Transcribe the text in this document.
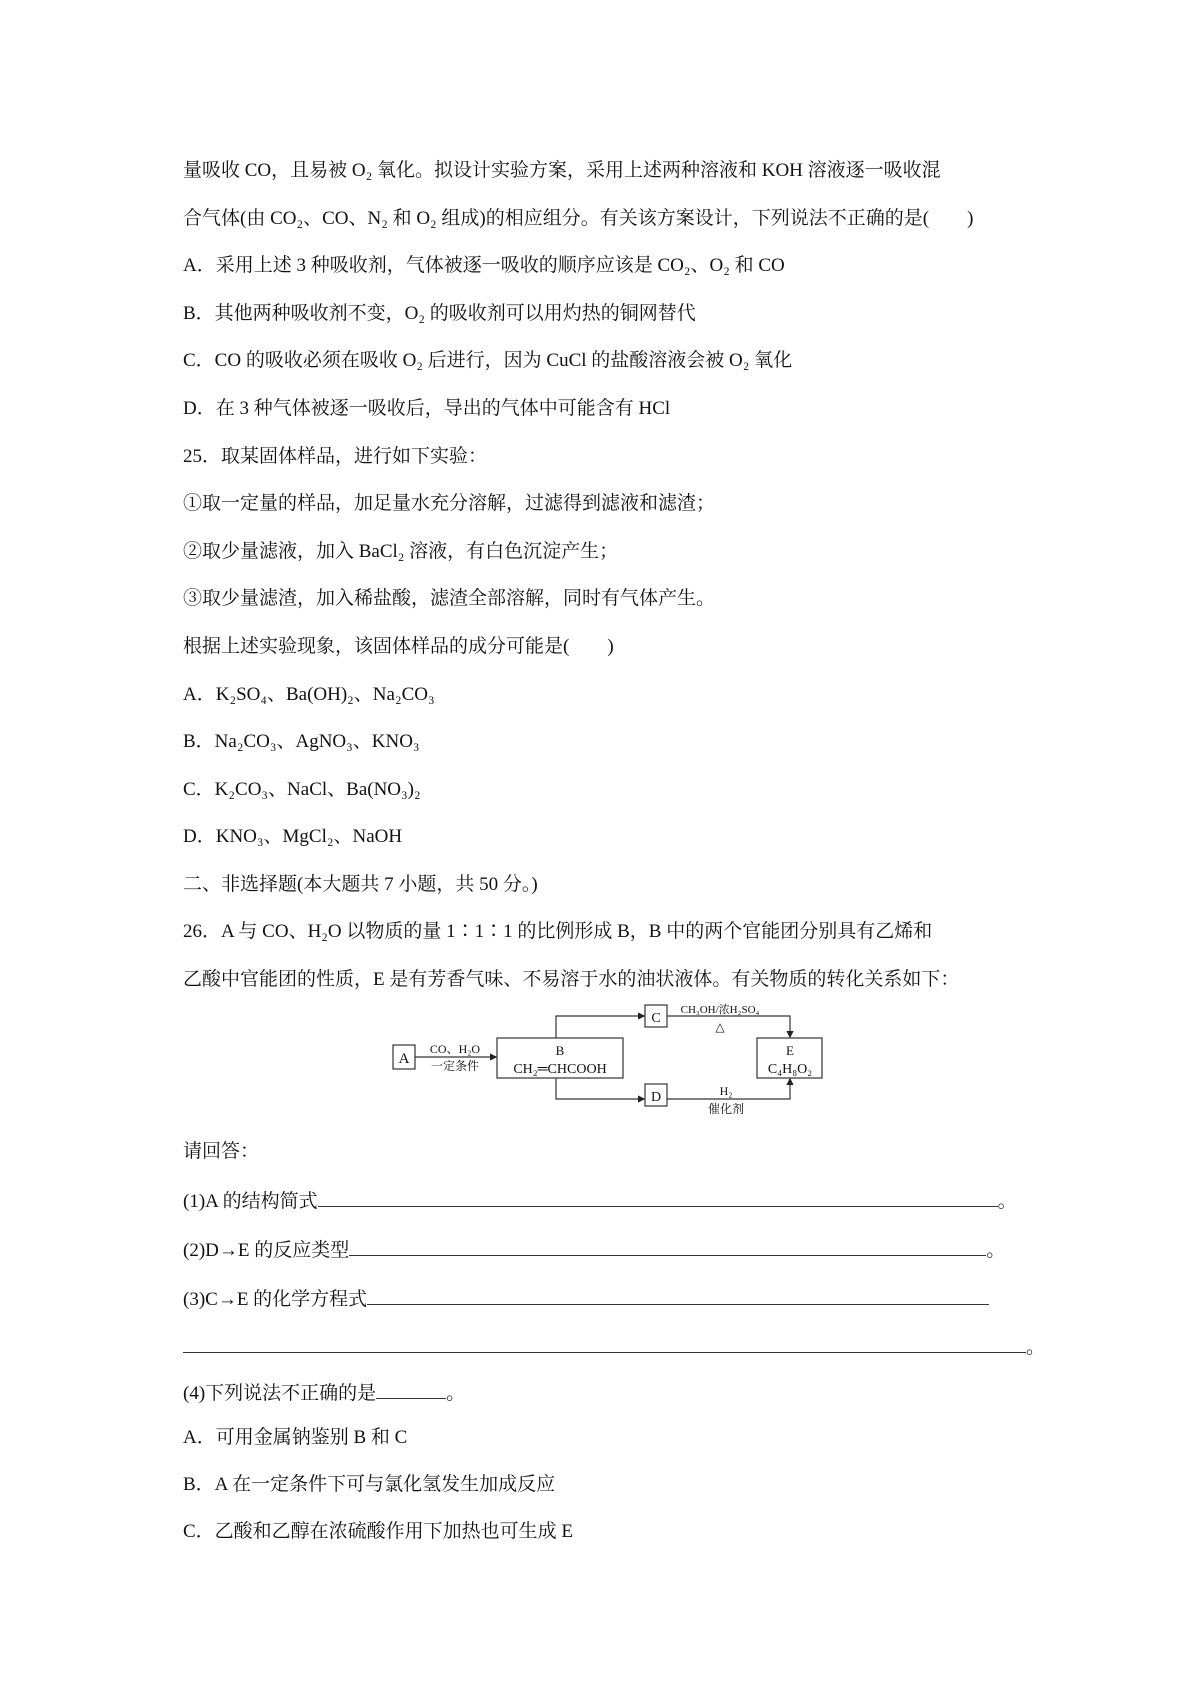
量吸收 CO，且易被 O₂ 氧化。拟设计实验方案，采用上述两种溶液和 KOH 溶液逐一吸收混
合气体(由 CO₂、CO、N₂ 和 O₂ 组成)的相应组分。有关该方案设计，下列说法不正确的是(　　)
A．采用上述 3 种吸收剂，气体被逐一吸收的顺序应该是 CO₂、O₂ 和 CO
B．其他两种吸收剂不变，O₂ 的吸收剂可以用灼热的铜网替代
C．CO 的吸收必须在吸收 O₂ 后进行，因为 CuCl 的盐酸溶液会被 O₂ 氧化
D．在 3 种气体被逐一吸收后，导出的气体中可能含有 HCl
25．取某固体样品，进行如下实验：
①取一定量的样品，加足量水充分溶解，过滤得到滤液和滤渣；
②取少量滤液，加入 BaCl₂ 溶液，有白色沉淀产生；
③取少量滤渣，加入稀盐酸，滤渣全部溶解，同时有气体产生。
根据上述实验现象，该固体样品的成分可能是(　　)
A．K₂SO₄、Ba(OH)₂、Na₂CO₃
B．Na₂CO₃、AgNO₃、KNO₃
C．K₂CO₃、NaCl、Ba(NO₃)₂
D．KNO₃、MgCl₂、NaOH
二、非选择题(本大题共 7 小题，共 50 分。)
26．A 与 CO、H₂O 以物质的量 1∶1∶1 的比例形成 B，B 中的两个官能团分别具有乙烯和
乙酸中官能团的性质，E 是有芳香气味、不易溶于水的油状液体。有关物质的转化关系如下：
A
CO、H₂O
一定条件
B
CH₂═CHCOOH
C
CH₃OH/浓H₂SO₄
△
D	H₂
催化剂
E
C₄H₈O₂
请回答：
(1)A 的结构简式	。
(2)D→E 的反应类型	。
(3)C→E 的化学方程式
。
(4)下列说法不正确的是	。
A．可用金属钠鉴别 B 和 C
B．A 在一定条件下可与氯化氢发生加成反应
C．乙酸和乙醇在浓硫酸作用下加热也可生成 E
